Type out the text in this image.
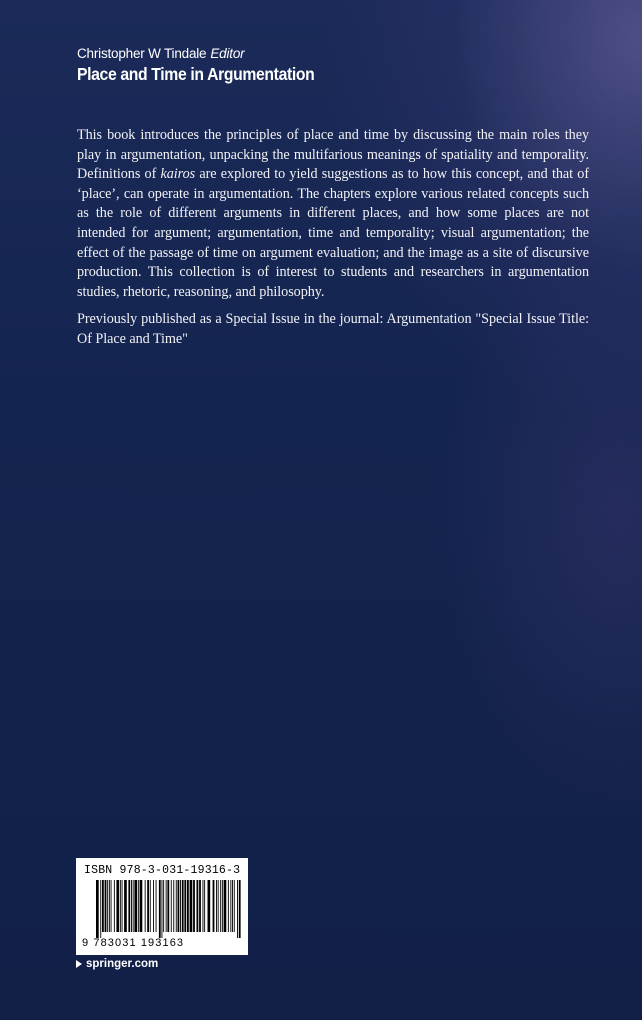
Christopher W Tindale Editor

Place and Time in Argumentation

This book introduces the principles of place and time by discussing the main roles they play in argumentation, unpacking the multifarious meanings of spatiality and temporality. Definitions of kairos are explored to yield suggestions as to how this concept, and that of ‘place’, can operate in argumentation. The chapters explore various related concepts such as the role of different arguments in different places, and how some places are not intended for argument; argumentation, time and temporality; visual argumentation; the effect of the passage of time on argument evaluation; and the image as a site of discursive production. This collection is of interest to students and researchers in argumentation studies, rhetoric, reasoning, and philosophy.

Previously published as a Special Issue in the journal: Argumentation "Special Issue Title: Of Place and Time"

ISBN 978-3-031-19316-3
9 783031 193163
springer.com
